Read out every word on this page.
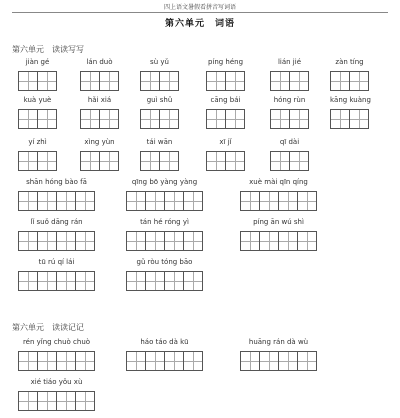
四上语文暑假看拼音写词语
第六单元　词语
第六单元　读读写写
jiàn gé	lán duò	sù yǔ	píng héng	lián jié	zàn tíng
kuà yuè	hǎi xiá	guì shǔ	cāng bái	hóng rùn	kāng kuàng
yí zhì	xìng yùn	tái wān	xī jǐ	qī dài
shān hóng bào fā	qīng bō yàng yàng	xuè mài qīn qíng
lǐ suǒ dāng rán	tán hé róng yì	píng ān wú shì
tū rú qí lái	gǔ ròu tóng bāo
第六单元　读读记记
rén yǐng chuò chuò	háo táo dà kū	huāng rán dà wù
xié tiáo yǒu xù
